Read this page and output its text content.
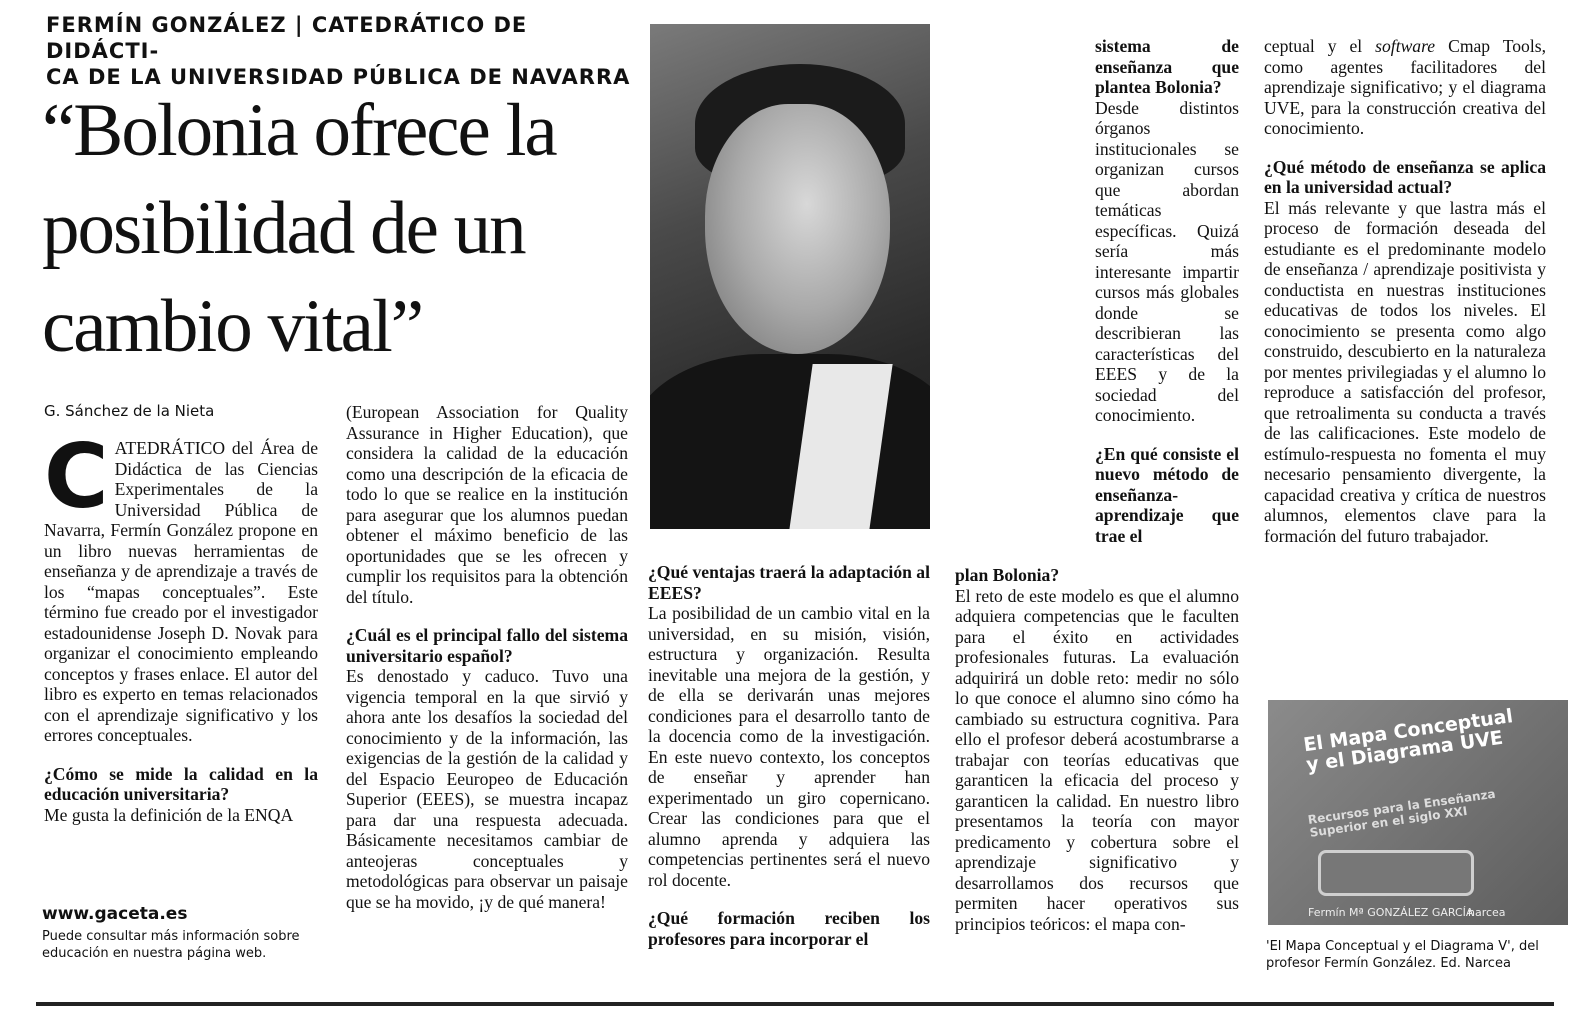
FERMÍN GONZÁLEZ | CATEDRÁTICO DE DIDÁCTI-
CA DE LA UNIVERSIDAD PÚBLICA DE NAVARRA
“Bolonia ofrece la posibilidad de un cambio vital”
G. Sánchez de la Nieta

CATEDRÁTICO del Área de Didáctica de las Ciencias Experimentales de la Universidad Pública de Navarra, Fermín González propone en un libro nuevas herramientas de enseñanza y de aprendizaje a través de los “mapas conceptuales”. Este término fue creado por el investigador estadounidense Joseph D. Novak para organizar el conocimiento empleando conceptos y frases enlace. El autor del libro es experto en temas relacionados con el aprendizaje significativo y los errores conceptuales.

¿Cómo se mide la calidad en la educación universitaria?

Me gusta la definición de la ENQA

www.gaceta.es
Puede consultar más información sobre educación en nuestra página web.

(European Association for Quality Assurance in Higher Education), que considera la calidad de la educación como una descripción de la eficacia de todo lo que se realice en la institución para asegurar que los alumnos puedan obtener el máximo beneficio de las oportunidades que se les ofrecen y cumplir los requisitos para la obtención del título.

¿Cuál es el principal fallo del sistema universitario español?

Es denostado y caduco. Tuvo una vigencia temporal en la que sirvió y ahora ante los desafíos la sociedad del conocimiento y de la información, las exigencias de la gestión de la calidad y del Espacio Eeuropeo de Educación Superior (EEES), se muestra incapaz para dar una respuesta adecuada. Básicamente necesitamos cambiar de anteojeras conceptuales y metodológicas para observar un paisaje que se ha movido, ¡y de qué manera!

¿Qué ventajas traerá la adaptación al EEES?

La posibilidad de un cambio vital en la universidad, en su misión, visión, estructura y organización. Resulta inevitable una mejora de la gestión, y de ella se derivarán unas mejores condiciones para el desarrollo tanto de la docencia como de la investigación. En este nuevo contexto, los conceptos de enseñar y aprender han experimentado un giro copernicano. Crear las condiciones para que el alumno aprenda y adquiera las competencias pertinentes será el nuevo rol docente.

¿Qué formación reciben los profesores para incorporar el

sistema de enseñanza que plantea Bolonia?

Desde distintos órganos institucionales se organizan cursos que abordan temáticas específicas. Quizá sería más interesante impartir cursos más globales donde se describieran las características del EEES y de la sociedad del conocimiento.

¿En qué consiste el nuevo método de enseñanza-aprendizaje que trae el

plan Bolonia?

El reto de este modelo es que el alumno adquiera competencias que le faculten para el éxito en actividades profesionales futuras. La evaluación adquirirá un doble reto: medir no sólo lo que conoce el alumno sino cómo ha cambiado su estructura cognitiva. Para ello el profesor deberá acostumbrarse a trabajar con teorías educativas que garanticen la eficacia del proceso y garanticen la calidad. En nuestro libro presentamos la teoría con mayor predicamento y cobertura sobre el aprendizaje significativo y desarrollamos dos recursos que permiten hacer operativos sus principios teóricos: el mapa con-

ceptual y el software Cmap Tools, como agentes facilitadores del aprendizaje significativo; y el diagrama UVE, para la construcción creativa del conocimiento.

¿Qué método de enseñanza se aplica en la universidad actual?

El más relevante y que lastra más el proceso de formación deseada del estudiante es el predominante modelo de enseñanza / aprendizaje positivista y conductista en nuestras instituciones educativas de todos los niveles. El conocimiento se presenta como algo construido, descubierto en la naturaleza por mentes privilegiadas y el alumno lo reproduce a satisfacción del profesor, que retroalimenta su conducta a través de las calificaciones. Este modelo de estímulo-respuesta no fomenta el muy necesario pensamiento divergente, la capacidad creativa y crítica de nuestros alumnos, elementos clave para la formación del futuro trabajador.

El Mapa Conceptual y el Diagrama UVE
Recursos para la Enseñanza Superior en el siglo XXI
Fermín Mª GONZÁLEZ GARCÍA
narcea
'El Mapa Conceptual y el Diagrama V', del profesor Fermín González. Ed. Narcea
